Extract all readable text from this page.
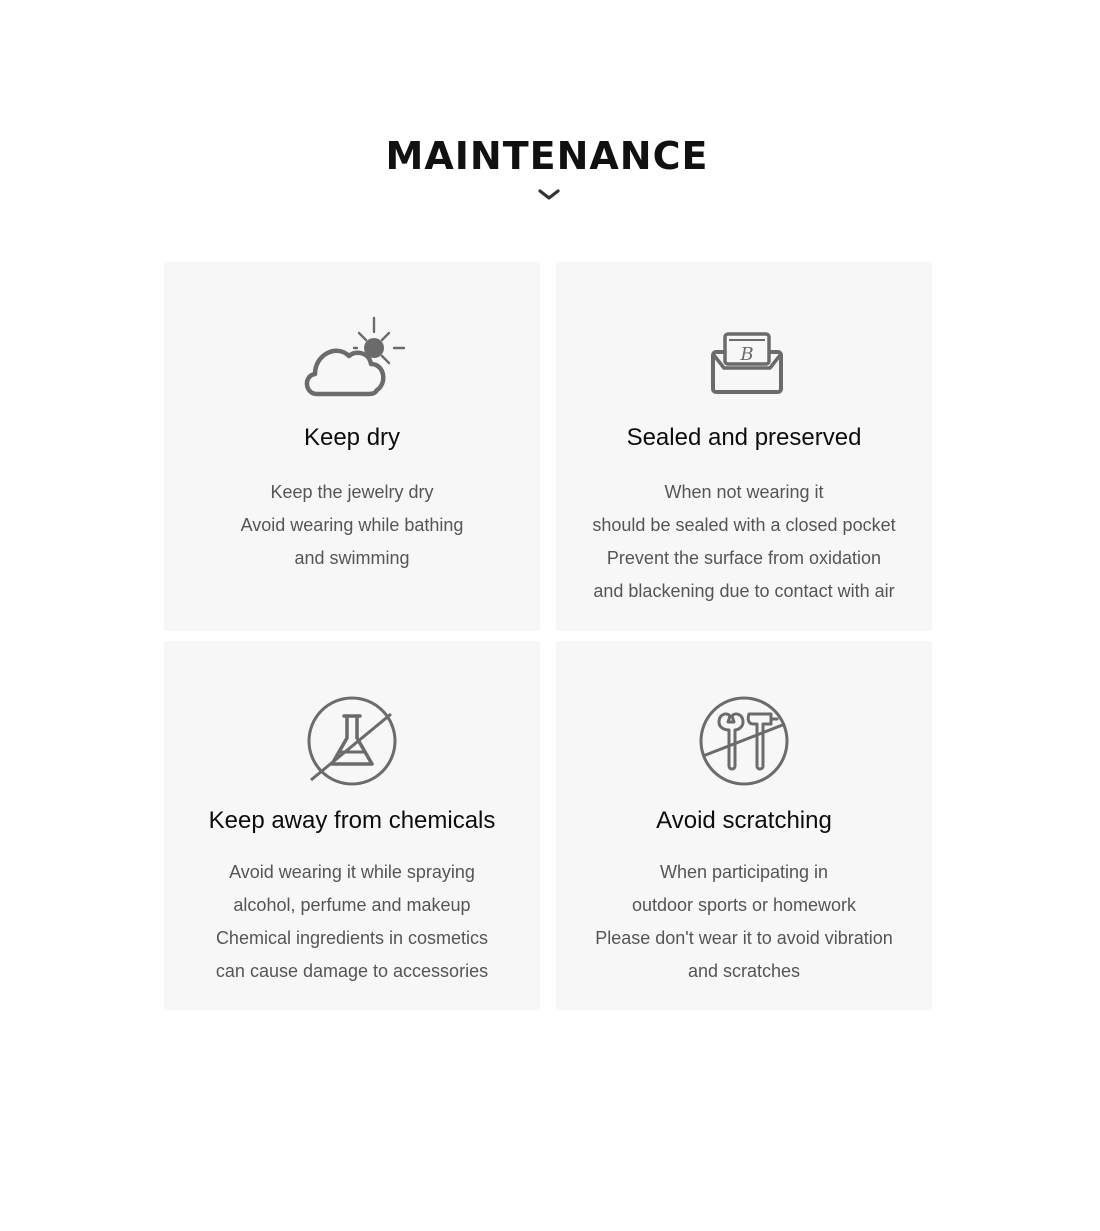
MAINTENANCE
Keep dry
Keep the jewelry dry
Avoid wearing while bathing
and swimming
B
Sealed and preserved
When not wearing it
should be sealed with a closed pocket
Prevent the surface from oxidation
and blackening due to contact with air
Keep away from chemicals
Avoid wearing it while spraying
alcohol, perfume and makeup
Chemical ingredients in cosmetics
can cause damage to accessories
Avoid scratching
When participating in
outdoor sports or homework
Please don't wear it to avoid vibration
and scratches
